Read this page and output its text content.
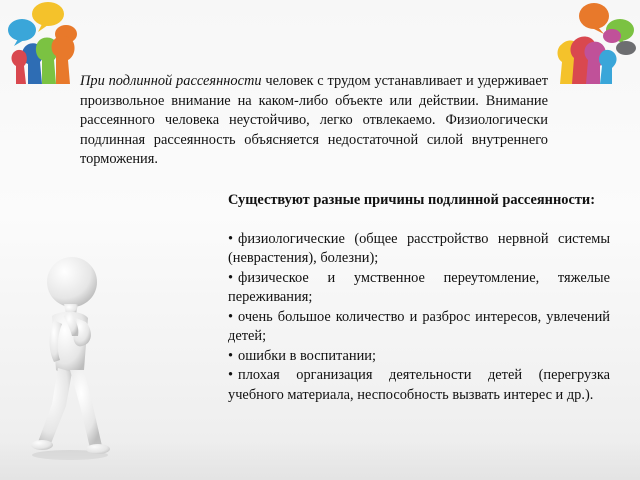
При подлинной рассеянности человек с трудом устанавливает и удерживает произвольное внимание на каком-либо объекте или действии. Внимание рассеянного человека неустойчиво, легко отвлекаемо. Физиологически подлинная рассеянность объясняется недостаточной силой внутреннего торможения.

Существуют разные причины подлинной рассеянности:

• физиологические (общее расстройство нервной системы (неврастения), болезни);

• физическое и умственное переутомление, тяжелые переживания;

• очень большое количество и разброс интересов, увлечений детей;

• ошибки в воспитании;

• плохая организация деятельности детей (перегрузка учебного материала, неспособность вызвать интерес и др.).
